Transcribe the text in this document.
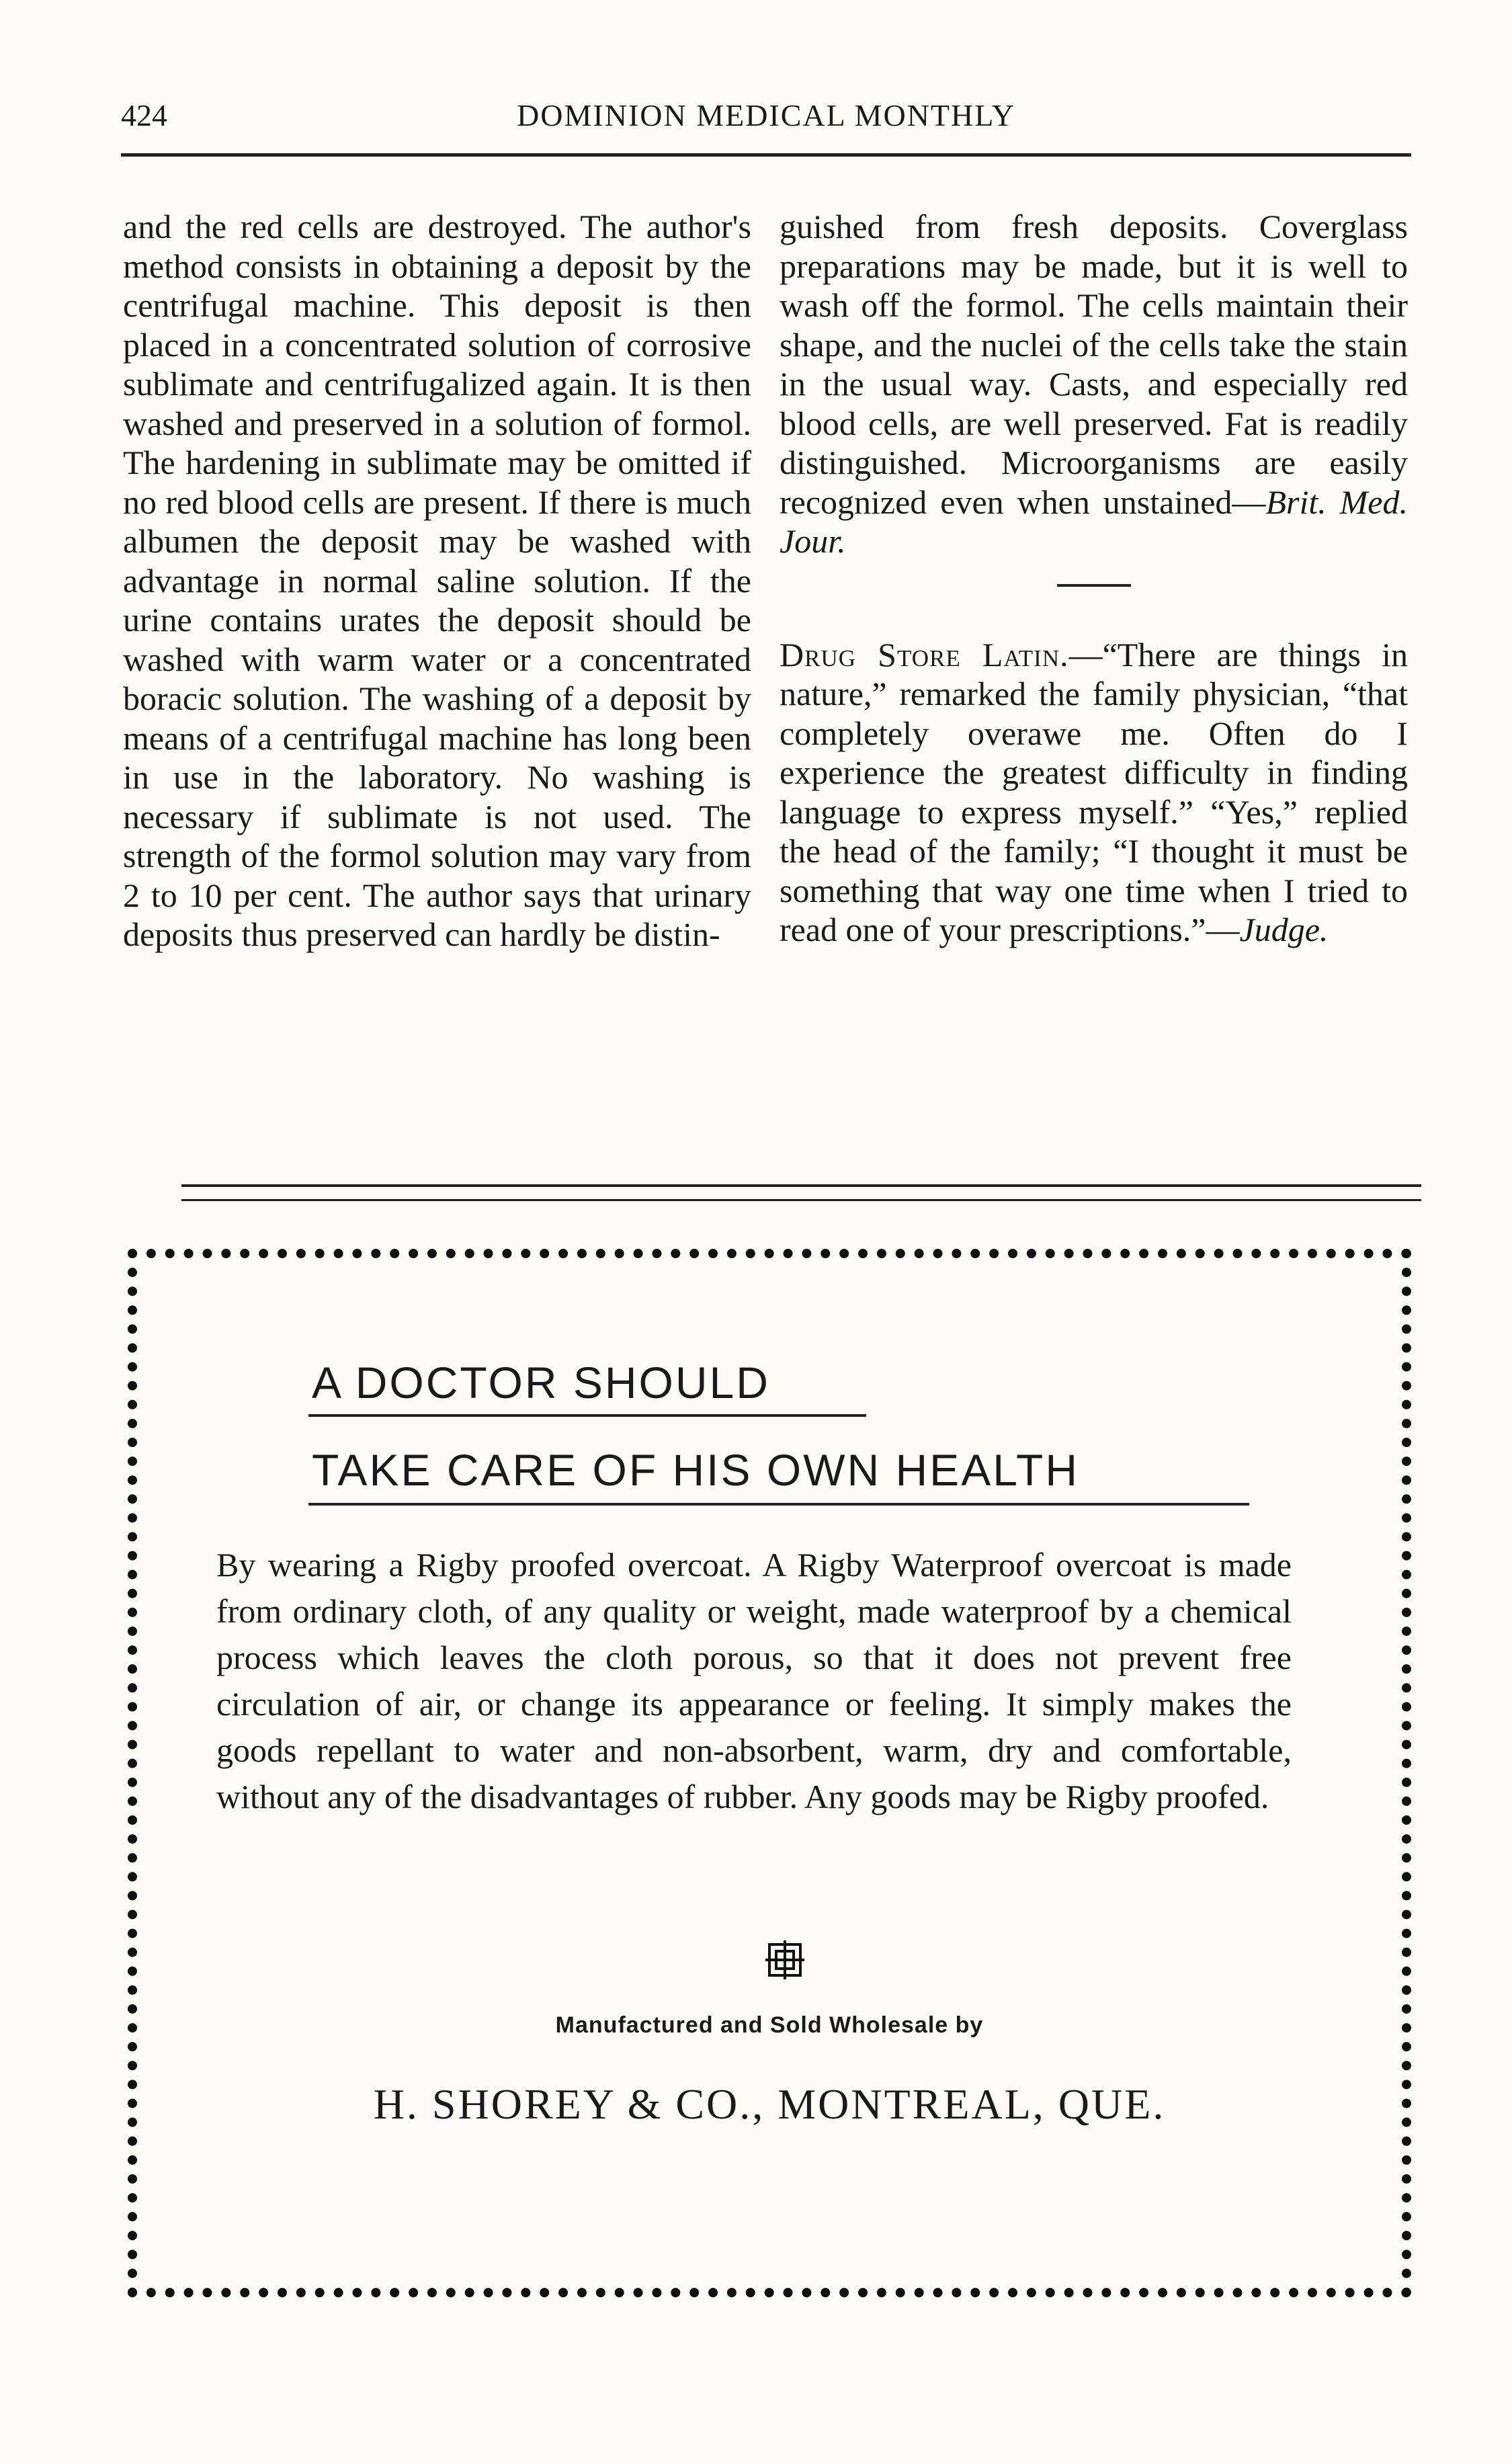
424	DOMINION MEDICAL MONTHLY

and the red cells are destroyed. The author's method consists in obtaining a deposit by the centrifugal machine. This deposit is then placed in a concentrated solution of corrosive sublimate and centrifugalized again. It is then washed and preserved in a solution of formol. The hardening in sublimate may be omitted if no red blood cells are present. If there is much albumen the deposit may be washed with advantage in normal saline solution. If the urine contains urates the deposit should be washed with warm water or a concentrated boracic solution. The washing of a deposit by means of a centrifugal machine has long been in use in the laboratory. No washing is necessary if sublimate is not used. The strength of the formol solution may vary from 2 to 10 per cent. The author says that urinary deposits thus preserved can hardly be distin-

guished from fresh deposits. Coverglass preparations may be made, but it is well to wash off the formol. The cells maintain their shape, and the nuclei of the cells take the stain in the usual way. Casts, and especially red blood cells, are well preserved. Fat is readily distinguished. Microorganisms are easily recognized even when unstained—Brit. Med. Jour.

Drug Store Latin.—“There are things in nature,” remarked the family physician, “that completely overawe me. Often do I experience the greatest difficulty in finding language to express myself.” “Yes,” replied the head of the family; “I thought it must be something that way one time when I tried to read one of your prescriptions.”—Judge.

A DOCTOR SHOULD
TAKE CARE OF HIS OWN HEALTH
By wearing a Rigby proofed overcoat. A Rigby Waterproof overcoat is made from ordinary cloth, of any quality or weight, made waterproof by a chemical process which leaves the cloth porous, so that it does not prevent free circulation of air, or change its appearance or feeling. It simply makes the goods repellant to water and non-absorbent, warm, dry and comfortable, without any of the disadvantages of rubber. Any goods may be Rigby proofed.
Manufactured and Sold Wholesale by
H. SHOREY & CO., MONTREAL, QUE.
